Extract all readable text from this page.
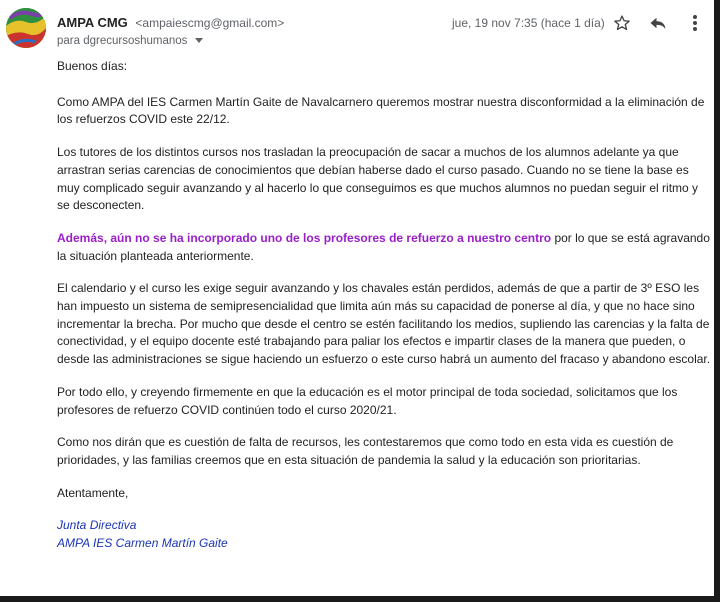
AMPA CMG <ampaiescmg@gmail.com>
para dgrecursoshumanos
jue, 19 nov 7:35 (hace 1 día)

Buenos días:

Como AMPA del IES Carmen Martín Gaite de Navalcarnero queremos mostrar nuestra disconformidad a la eliminación de los refuerzos COVID este 22/12.

Los tutores de los distintos cursos nos trasladan la preocupación de sacar a muchos de los alumnos adelante ya que arrastran serias carencias de conocimientos que debían haberse dado el curso pasado. Cuando no se tiene la base es muy complicado seguir avanzando y al hacerlo lo que conseguimos es que muchos alumnos no puedan seguir el ritmo y se desconecten.

Además, aún no se ha incorporado uno de los profesores de refuerzo a nuestro centro por lo que se está agravando la situación planteada anteriormente.

El calendario y el curso les exige seguir avanzando y los chavales están perdidos, además de que a partir de 3º ESO les han impuesto un sistema de semipresencialidad que limita aún más su capacidad de ponerse al día, y que no hace sino incrementar la brecha. Por mucho que desde el centro se estén facilitando los medios, supliendo las carencias y la falta de conectividad, y el equipo docente esté trabajando para paliar los efectos e impartir clases de la manera que pueden, o desde las administraciones se sigue haciendo un esfuerzo o este curso habrá un aumento del fracaso y abandono escolar.

Por todo ello, y creyendo firmemente en que la educación es el motor principal de toda sociedad, solicitamos que los profesores de refuerzo COVID continúen todo el curso 2020/21.

Como nos dirán que es cuestión de falta de recursos, les contestaremos que como todo en esta vida es cuestión de prioridades, y las familias creemos que en esta situación de pandemia la salud y la educación son prioritarias.

Atentamente,

Junta Directiva

AMPA IES Carmen Martín Gaite
